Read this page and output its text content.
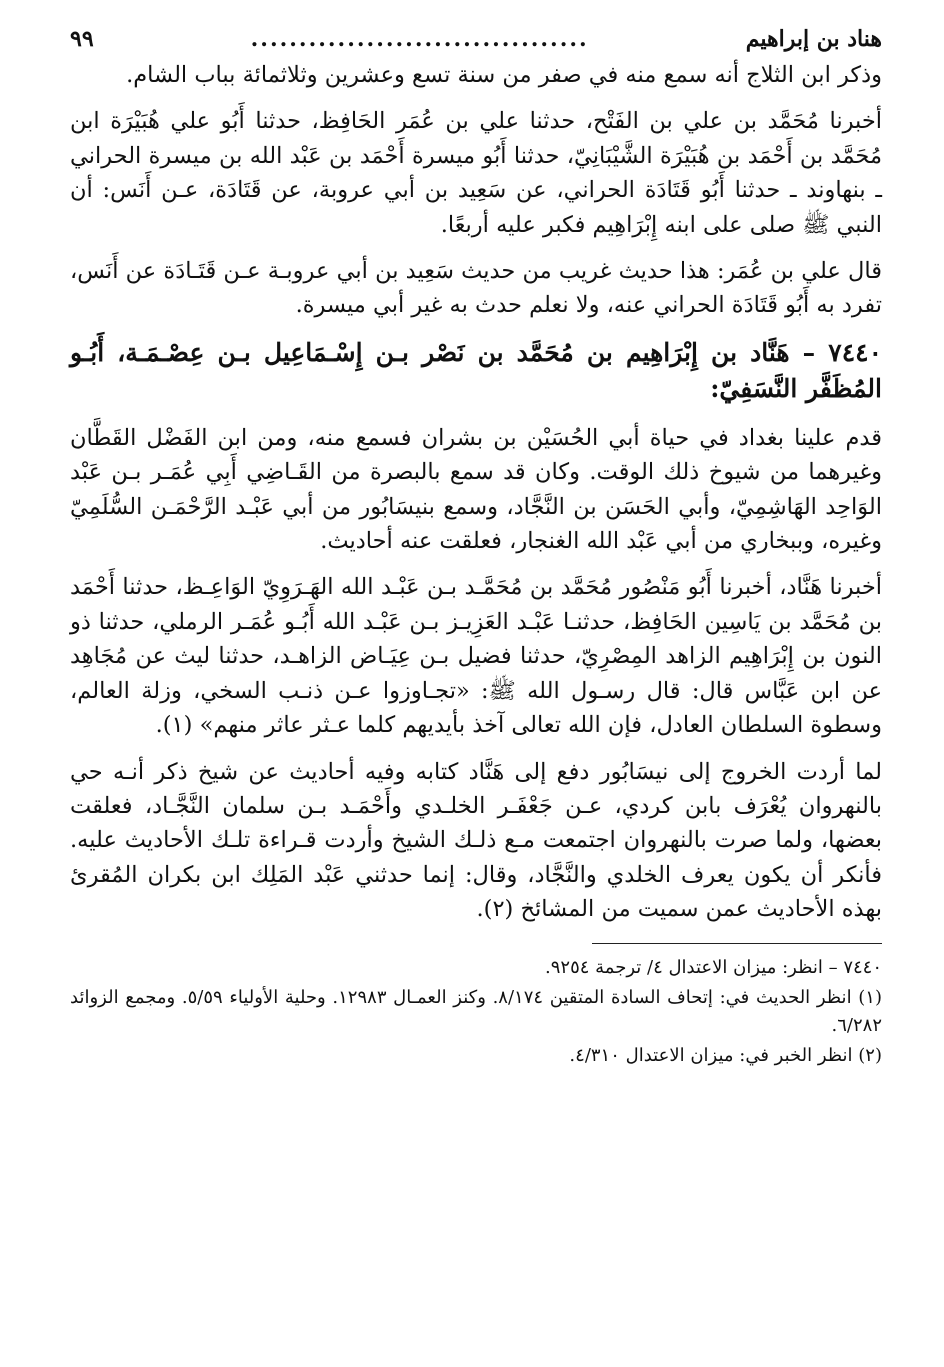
هناد بن إبراهيم
...................................
٩٩

وذكر ابن الثلاج أنه سمع منه في صفر من سنة تسع وعشرين وثلاثمائة بباب الشام.

أخبرنا مُحَمَّد بن علي بن الفَتْح، حدثنا علي بن عُمَر الحَافِظ، حدثنا أَبُو علي هُبَيْرَة ابن مُحَمَّد بن أَحْمَد بن هُبَيْرَة الشَّيْبَانِيّ، حدثنا أَبُو ميسرة أَحْمَد بن عَبْد الله بن ميسرة الحراني ـ بنهاوند ـ حدثنا أَبُو قَتَادَة الحراني، عن سَعِيد بن أبي عروبة، عن قَتَادَة، عـن أَنَس: أن النبي ﷺ صلى على ابنه إِبْرَاهِيم فكبر عليه أربعًا.

قال علي بن عُمَر: هذا حديث غريب من حديث سَعِيد بن أبي عروبـة عـن قَتَـادَة عن أَنَس، تفرد به أَبُو قَتَادَة الحراني عنه، ولا نعلم حدث به غير أبي ميسرة.

٧٤٤٠ – هَنَّاد بن إِبْرَاهِيم بن مُحَمَّد بن نَصْر بـن إِسْـمَاعِيل بـن عِصْـمَـة، أَبُـو المُظَفَّر النَّسَفِيّ:

قدم علينا بغداد في حياة أبي الحُسَيْن بن بشران فسمع منه، ومن ابن الفَضْل القَطَّان وغيرهما من شيوخ ذلك الوقت. وكان قد سمع بالبصرة من القَـاضِي أَبِي عُمَـر بـن عَبْد الوَاحِد الهَاشِمِيّ، وأبي الحَسَن بن النَّجَّاد، وسمع بنيسَابُور من أبي عَبْـد الرَّحْمَـن السُّلَمِيّ وغيره، وببخاري من أبي عَبْد الله الغنجار، فعلقت عنه أحاديث.

أخبرنا هَنَّاد، أخبرنا أَبُو مَنْصُور مُحَمَّد بن مُحَمَّـد بـن عَبْـد الله الهَـرَوِيّ الوَاعِـظ، حدثنا أَحْمَد بن مُحَمَّد بن يَاسِين الحَافِظ، حدثنـا عَبْـد العَزِيـز بـن عَبْـد الله أَبُـو عُمَـر الرملي، حدثنا ذو النون بن إِبْرَاهِيم الزاهد المِصْرِيّ، حدثنا فضيل بـن عِيَـاض الزاهـد، حدثنا ليث عن مُجَاهِد عن ابن عَبَّاس قال: قال رسـول الله ﷺ: «تجـاوزوا عـن ذنـب السخي، وزلة العالم، وسطوة السلطان العادل، فإن الله تعالى آخذ بأيديهم كلما عـثر عاثر منهم» (١).

لما أردت الخروج إلى نيسَابُور دفع إلى هَنَّاد كتابه وفيه أحاديث عن شيخ ذكر أنـه حي بالنهروان يُعْرَف بابن كردي، عـن جَعْفَـر الخلـدي وأَحْمَـد بـن سلمان النَّجَّـاد، فعلقت بعضها، ولما صرت بالنهروان اجتمعت مـع ذلـك الشيخ وأردت قـراءة تلـك الأحاديث عليه. فأنكر أن يكون يعرف الخلدي والنَّجَّاد، وقال: إنما حدثني عَبْد المَلِك ابن بكران المُقرئ بهذه الأحاديث عمن سميت من المشائخ (٢).

٧٤٤٠ – انظر: ميزان الاعتدال ٤/ ترجمة ٩٢٥٤.

(١) انظر الحديث في: إتحاف السادة المتقين ٨/١٧٤. وكنز العمـال ١٢٩٨٣. وحلية الأولياء ٥/٥٩. ومجمع الزوائد ٦/٢٨٢.

(٢) انظر الخبر في: ميزان الاعتدال ٤/٣١٠.
